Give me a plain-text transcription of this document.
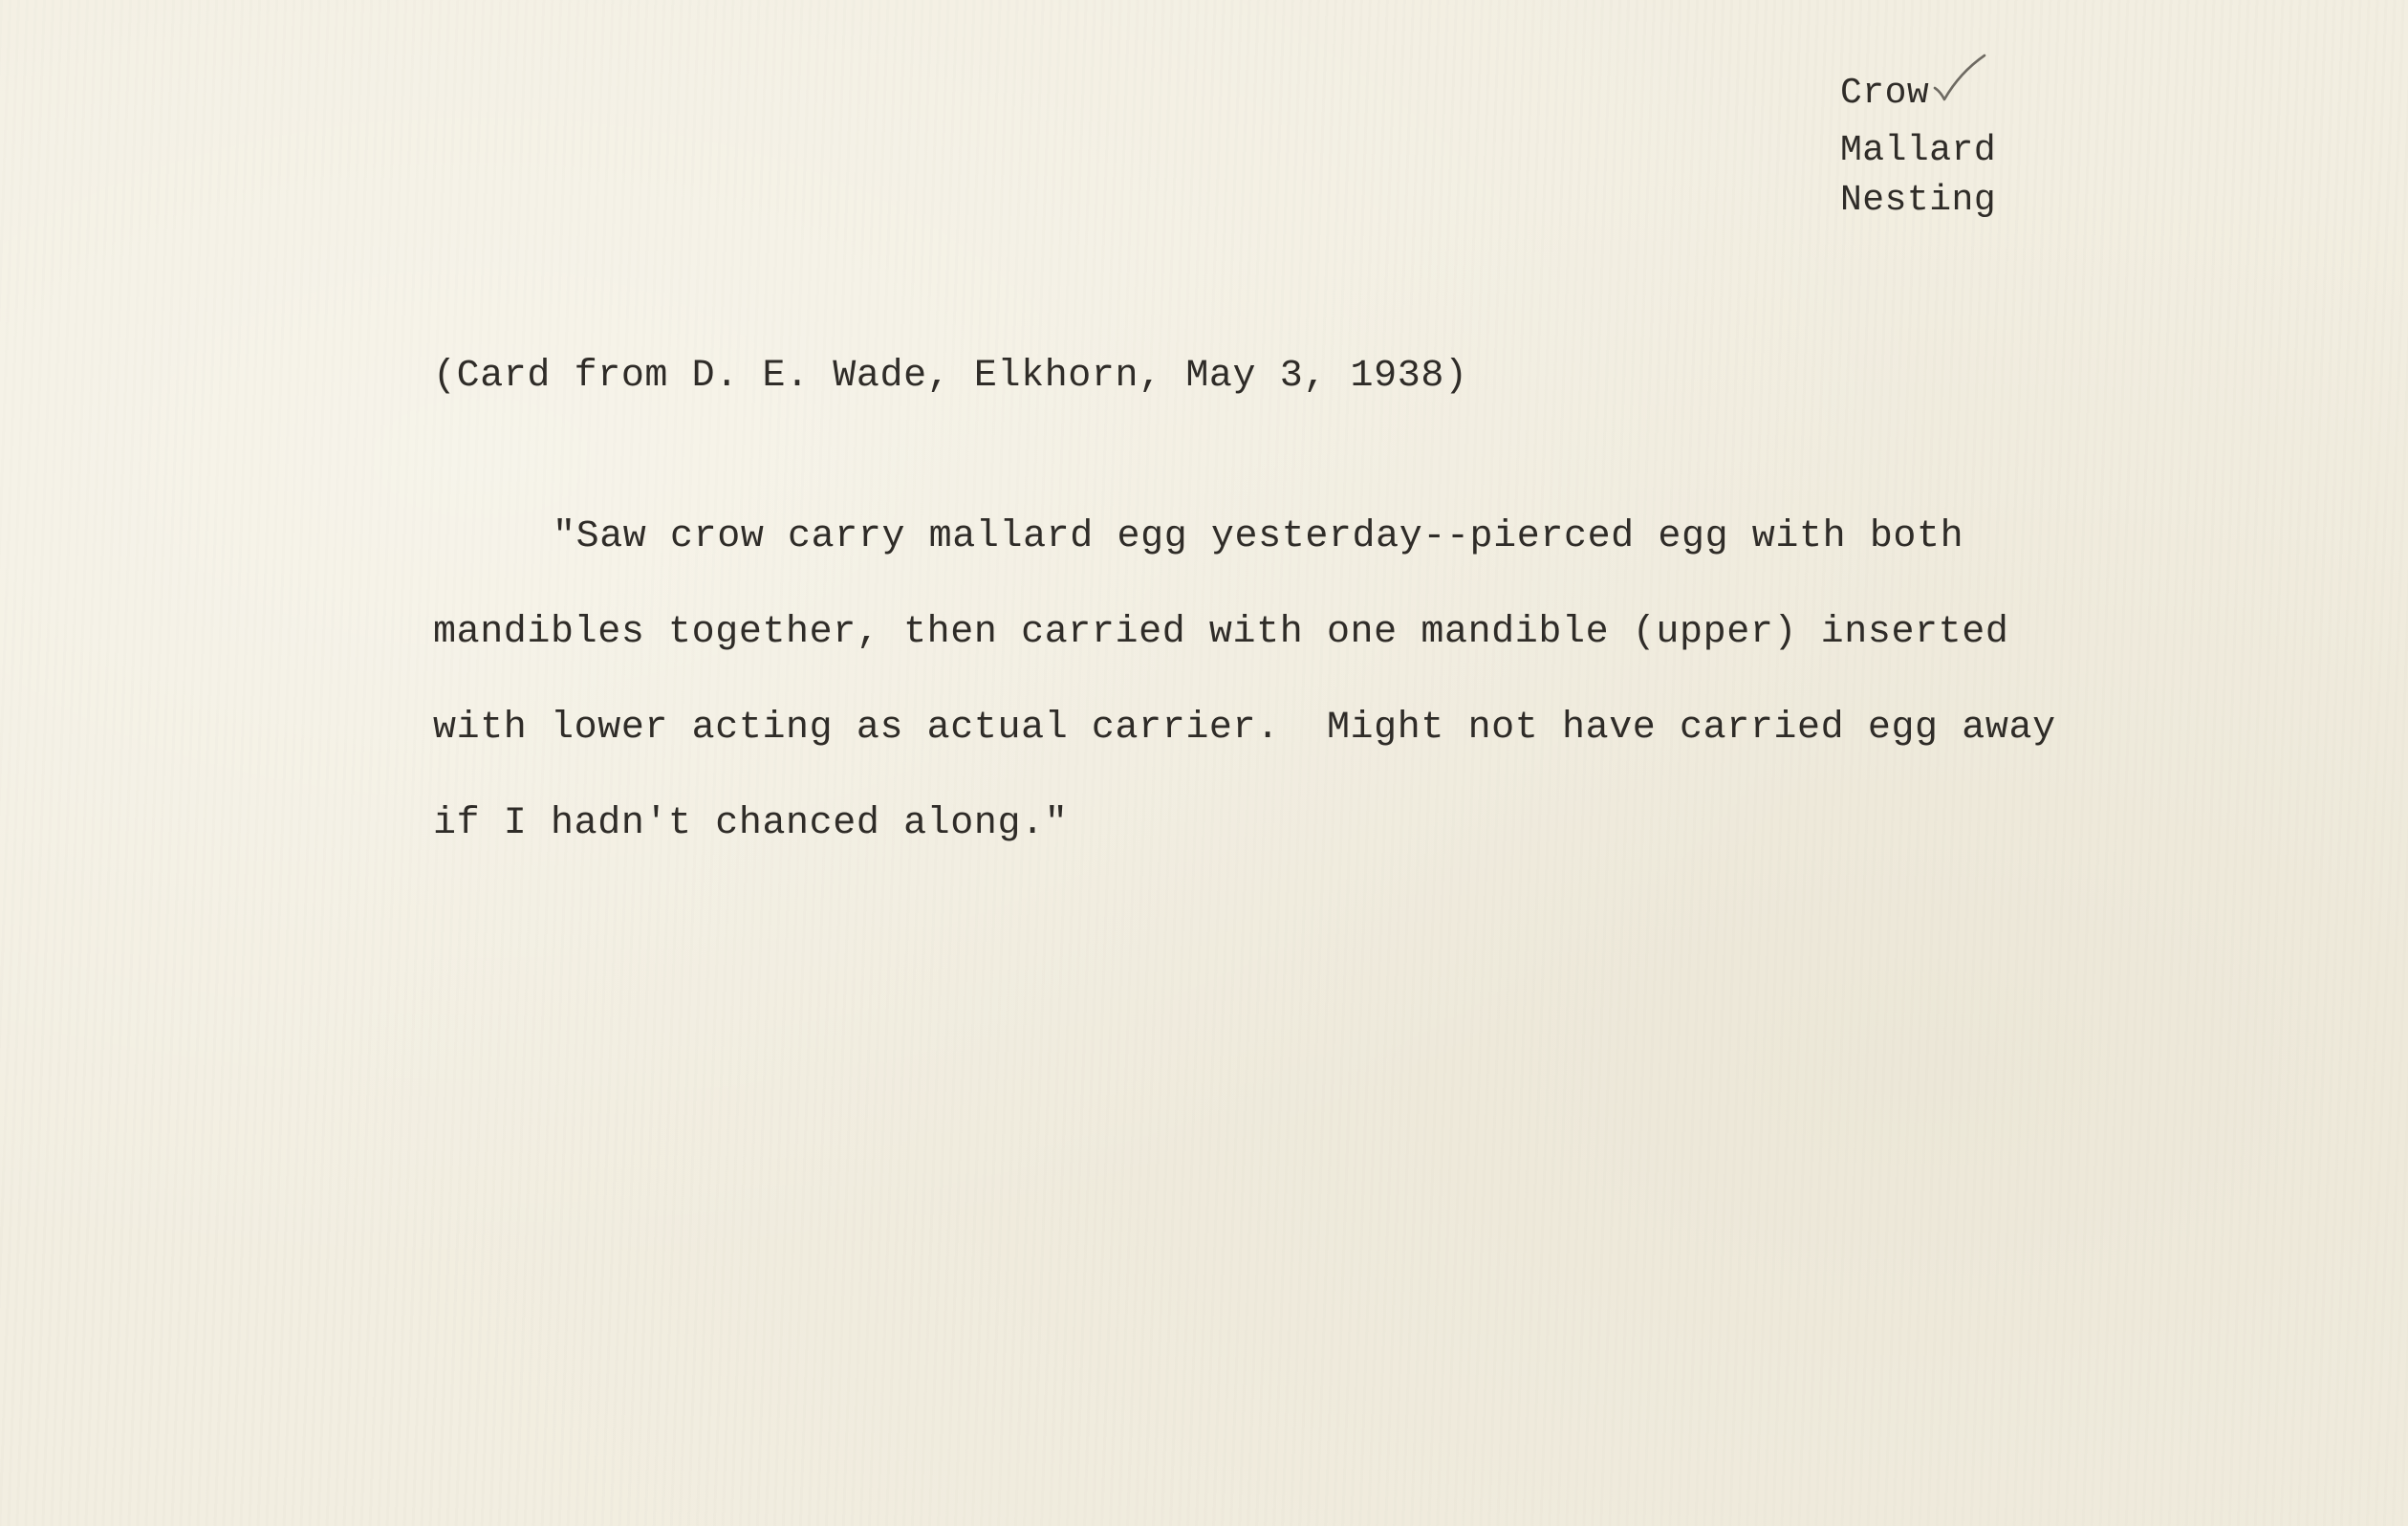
Crow
Mallard
Nesting
(Card from D. E. Wade, Elkhorn, May 3, 1938)
"Saw crow carry mallard egg yesterday--pierced egg with both
mandibles together, then carried with one mandible (upper) inserted
with lower acting as actual carrier.  Might not have carried egg away
if I hadn't chanced along."
